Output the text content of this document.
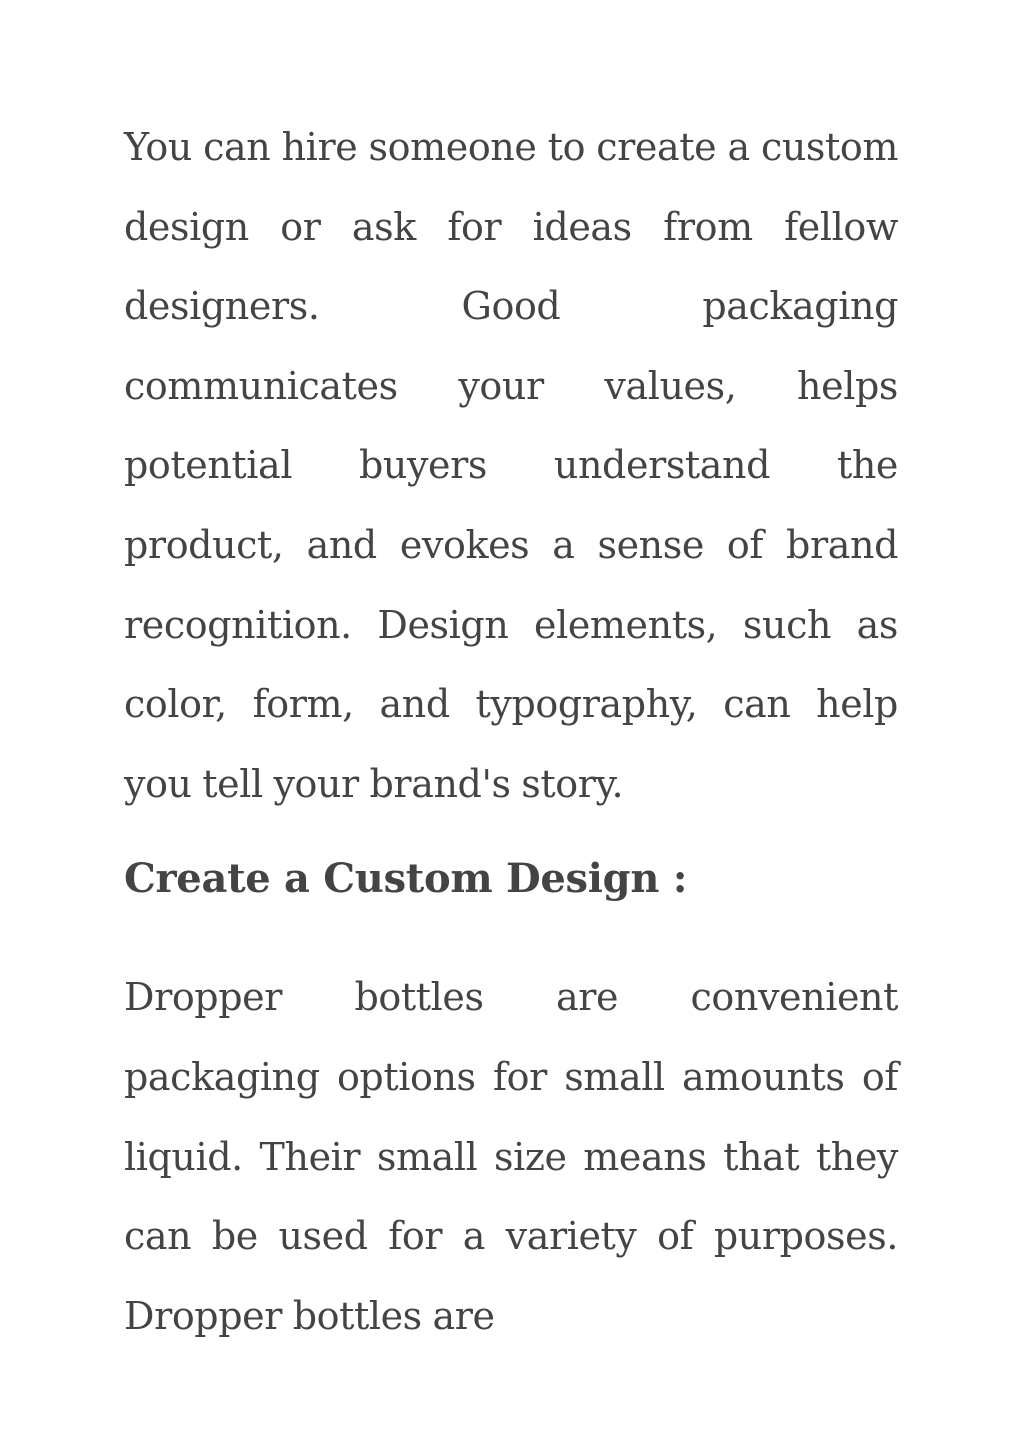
You can hire someone to create a custom design or ask for ideas from fellow designers. Good packaging communicates your values, helps potential buyers understand the product, and evokes a sense of brand recognition. Design elements, such as color, form, and typography, can help you tell your brand's story.

Create a Custom Design :

Dropper bottles are convenient packaging options for small amounts of liquid. Their small size means that they can be used for a variety of purposes. Dropper bottles are
